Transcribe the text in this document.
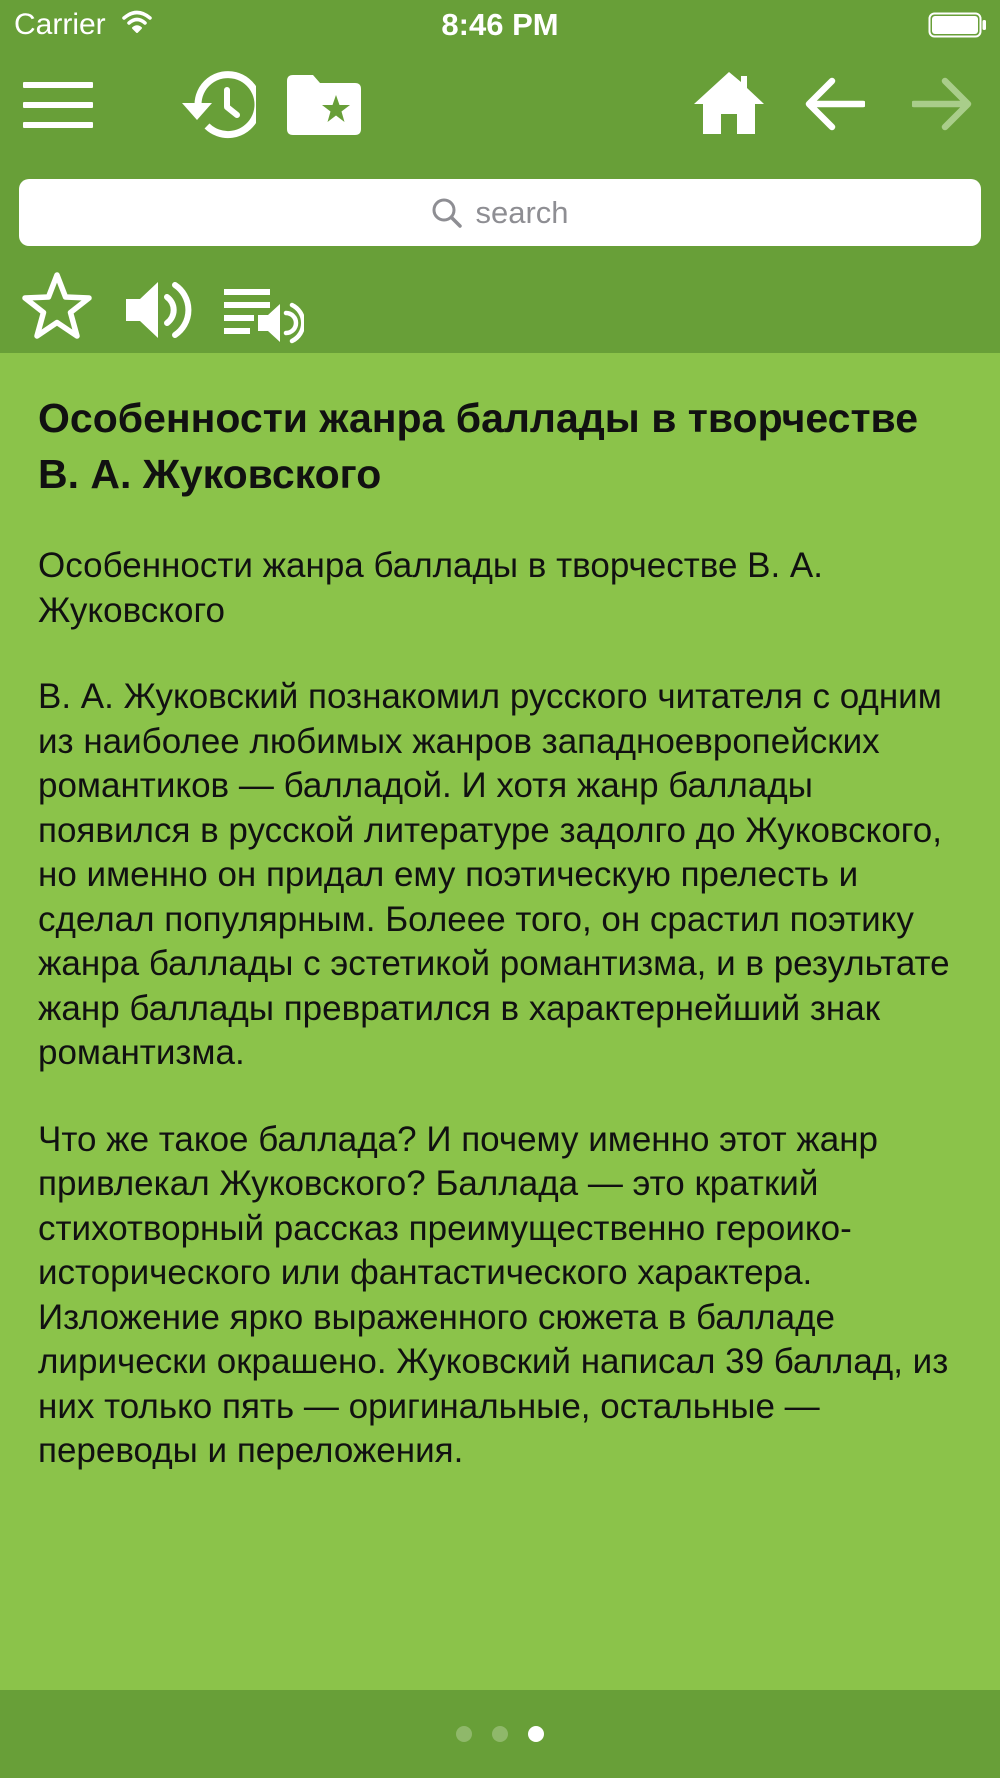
Carrier	8:46 PM
search
Особенности жанра баллады в творчестве В. А. Жуковского

Особенности жанра баллады в творчестве В. А. Жуковского

В. А. Жуковский познакомил русского читателя с одним из наиболее любимых жанров западноевропейских романтиков — балладой. И хотя жанр баллады появился в русской литературе задолго до Жуковского, но именно он придал ему поэтическую прелесть и сделал популярным. Болеее того, он срастил поэтику жанра баллады с эстетикой романтизма, и в результате жанр баллады превратился в характернейший знак романтизма.

Что же такое баллада? И почему именно этот жанр привлекал Жуковского? Баллада — это краткий стихотворный рассказ преимущественно героико-исторического или фантастического характера. Изложение ярко выраженного сюжета в балладе лирически окрашено. Жуковский написал 39 баллад, из них только пять — оригинальные, остальные — переводы и переложения.
